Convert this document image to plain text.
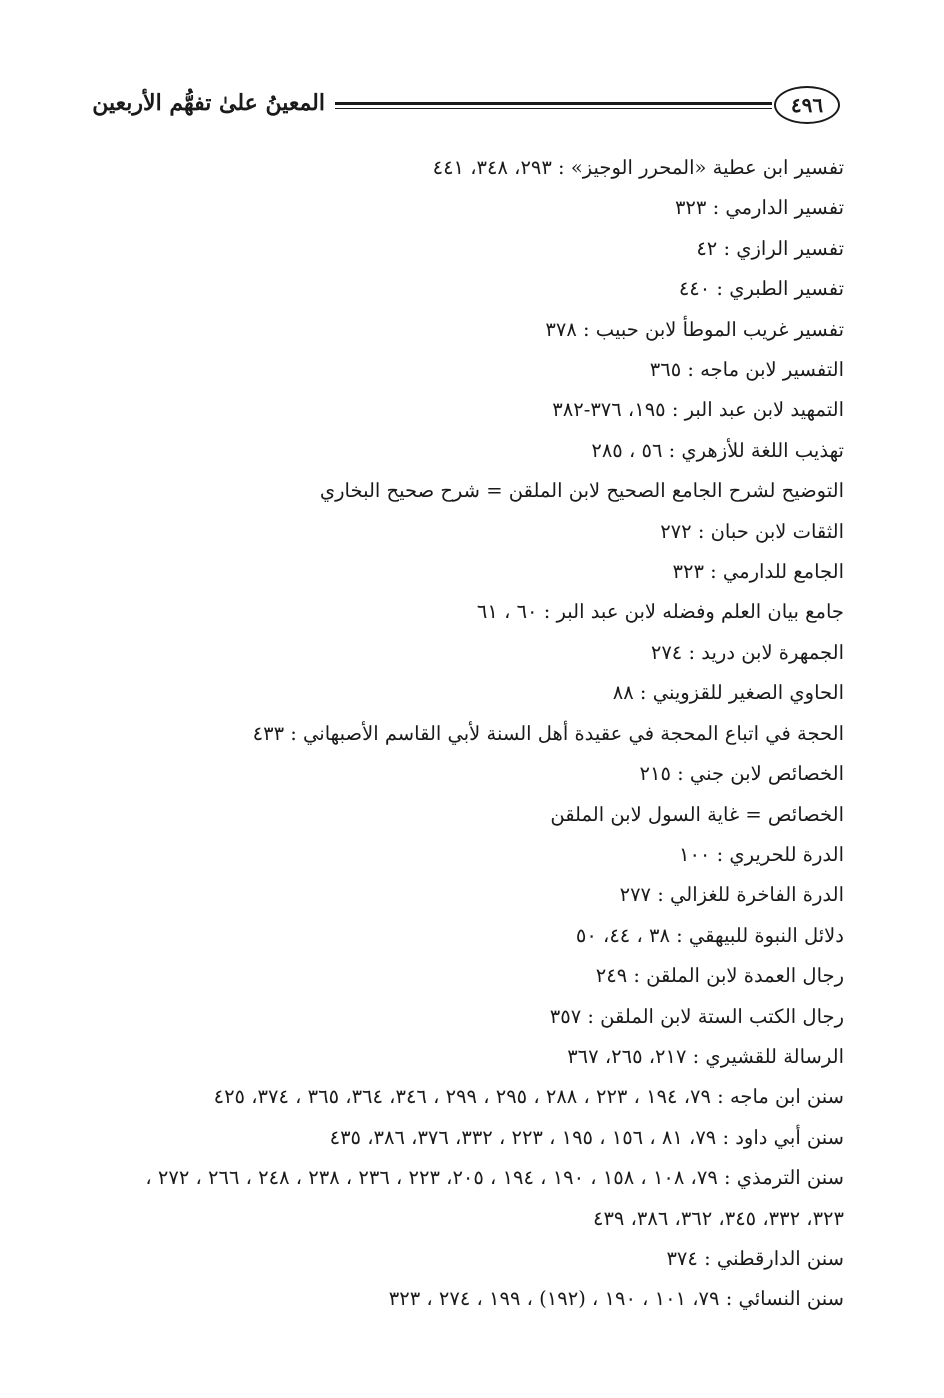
٤٩٦
المعينُ علىٰ تفهُّم الأربعين
تفسير ابن عطية «المحرر الوجيز» : ٢٩٣، ٣٤٨، ٤٤١
تفسير الدارمي : ٣٢٣
تفسير الرازي : ٤٢
تفسير الطبري : ٤٤٠
تفسير غريب الموطأ لابن حبيب : ٣٧٨
التفسير لابن ماجه : ٣٦٥
التمهيد لابن عبد البر : ١٩٥، ٣٧٦-٣٨٢
تهذيب اللغة للأزهري : ٥٦ ، ٢٨٥
التوضيح لشرح الجامع الصحيح لابن الملقن = شرح صحيح البخاري
الثقات لابن حبان : ٢٧٢
الجامع للدارمي : ٣٢٣
جامع بيان العلم وفضله لابن عبد البر : ٦٠ ، ٦١
الجمهرة لابن دريد : ٢٧٤
الحاوي الصغير للقزويني : ٨٨
الحجة في اتباع المحجة في عقيدة أهل السنة لأبي القاسم الأصبهاني : ٤٣٣
الخصائص لابن جني : ٢١٥
الخصائص = غاية السول لابن الملقن
الدرة للحريري : ١٠٠
الدرة الفاخرة للغزالي : ٢٧٧
دلائل النبوة للبيهقي : ٣٨ ، ٤٤، ٥٠
رجال العمدة لابن الملقن : ٢٤٩
رجال الكتب الستة لابن الملقن : ٣٥٧
الرسالة للقشيري : ٢١٧، ٢٦٥، ٣٦٧
سنن ابن ماجه : ٧٩، ١٩٤ ، ٢٢٣ ، ٢٨٨ ، ٢٩٥ ، ٢٩٩ ، ٣٤٦، ٣٦٤، ٣٦٥ ، ٣٧٤، ٤٢٥
سنن أبي داود : ٧٩، ٨١ ، ١٥٦ ، ١٩٥ ، ٢٢٣ ، ٣٣٢، ٣٧٦، ٣٨٦، ٤٣٥
سنن الترمذي : ٧٩، ١٠٨ ، ١٥٨ ، ١٩٠ ، ١٩٤ ، ٢٠٥، ٢٢٣ ، ٢٣٦ ، ٢٣٨ ، ٢٤٨ ، ٢٦٦ ، ٢٧٢ ،
٣٢٣، ٣٣٢، ٣٤٥، ٣٦٢، ٣٨٦، ٤٣٩
سنن الدارقطني : ٣٧٤
سنن النسائي : ٧٩، ١٠١ ، ١٩٠ ، (١٩٢) ، ١٩٩ ، ٢٧٤ ، ٣٢٣
